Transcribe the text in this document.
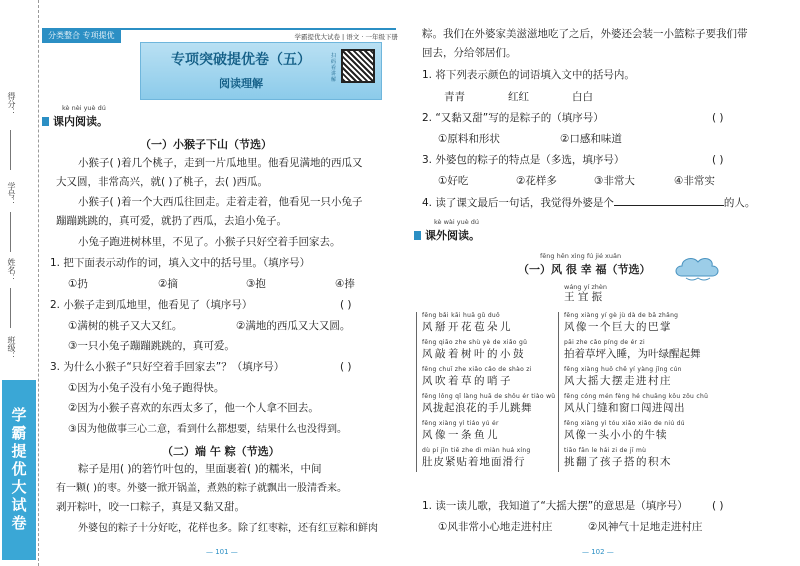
得分：
学号：
姓名：
班级：
学霸提优大试卷
分类整合 专项提优	学霸提优大试卷 | 语文 · 一年级下册
专项突破提优卷（五）
阅读理解
扫码看讲解
kè nèi yuè dú
课内阅读。
（一）小猴子下山（节选）
小猴子( )着几个桃子，走到一片瓜地里。他看见满地的西瓜又
大又圆，非常高兴，就( )了桃子，去( )西瓜。
小猴子( )着一个大西瓜往回走。走着走着，他看见一只小兔子
蹦蹦跳跳的，真可爱，就扔了西瓜，去追小兔子。
小兔子跑进树林里，不见了。小猴子只好空着手回家去。
1. 把下面表示动作的词，填入文中的括号里。（填序号）
①扔	②摘	③抱	④捧
2. 小猴子走到瓜地里，他看见了（填序号）	( )
①满树的桃子又大又红。	②满地的西瓜又大又圆。
③一只小兔子蹦蹦跳跳的，真可爱。
3. 为什么小猴子“只好空着手回家去”？（填序号）	( )
①因为小兔子没有小兔子跑得快。
②因为小猴子喜欢的东西太多了，他一个人拿不回去。
③因为他做事三心二意，看到什么都想要，结果什么也没得到。
（二）端 午 粽（节选）
粽子是用( )的箬竹叶包的，里面裹着( )的糯米，中间
有一颗( )的枣。外婆一掀开锅盖，煮熟的粽子就飘出一股清香来。
剥开粽叶，咬一口粽子，真是又黏又甜。
外婆包的粽子十分好吃，花样也多。除了红枣粽，还有红豆粽和鲜肉
— 101 —
粽。我们在外婆家美滋滋地吃了之后，外婆还会装一小篮粽子要我们带
回去，分给邻居们。
1. 将下列表示颜色的词语填入文中的括号内。
青青	红红	白白
2. “又黏又甜”写的是粽子的（填序号）	( )
①原料和形状	②口感和味道
3. 外婆包的粽子的特点是（多选，填序号）	( )
①好吃	②花样多	③非常大	④非常实
4. 读了课文最后一句话，我觉得外婆是个	的人。
kè wài yuè dú
课外阅读。
fēng hěn xìng fú jié xuǎn
（一）风 很 幸 福（节选）
wáng yí zhèn
王 宜 振
fēng bǎi kāi huā gǔ duǒ
风掰开花苞朵儿
fēng qiāo zhe shù yè de xiǎo gǔ
风敲着树叶的小鼓
fēng chuī zhe xiǎo cǎo de shào zi
风吹着草的哨子
fēng lǒng qǐ làng huā de shǒu ér tiào wǔ
风拢起浪花的手儿跳舞
fēng xiàng yì tiáo yú ér
风像一条鱼儿
dù pí jǐn tiē zhe dì miàn huá xíng
肚皮紧贴着地面滑行
fēng xiàng yí gè jù dà de bā zhǎng
风像一个巨大的巴掌
pāi zhe cǎo píng de ér zi
拍着草坪入睡，为叶绿醒起舞
fēng xiàng huǒ chē yí yàng jǐng cún
风大摇大摆走进村庄
fēng cóng mén fèng hé chuāng kǒu zǒu chū
风从门缝和窗口闯进闯出
fēng xiàng yì tóu xiǎo xiǎo de niú dú
风像一头小小的牛犊
tiāo fān le hái zi de jī mù
挑翻了孩子搭的积木
1. 读一读儿歌，我知道了“大摇大摆”的意思是（填序号） ( )
①风非常小心地走进村庄	②风神气十足地走进村庄
— 102 —
